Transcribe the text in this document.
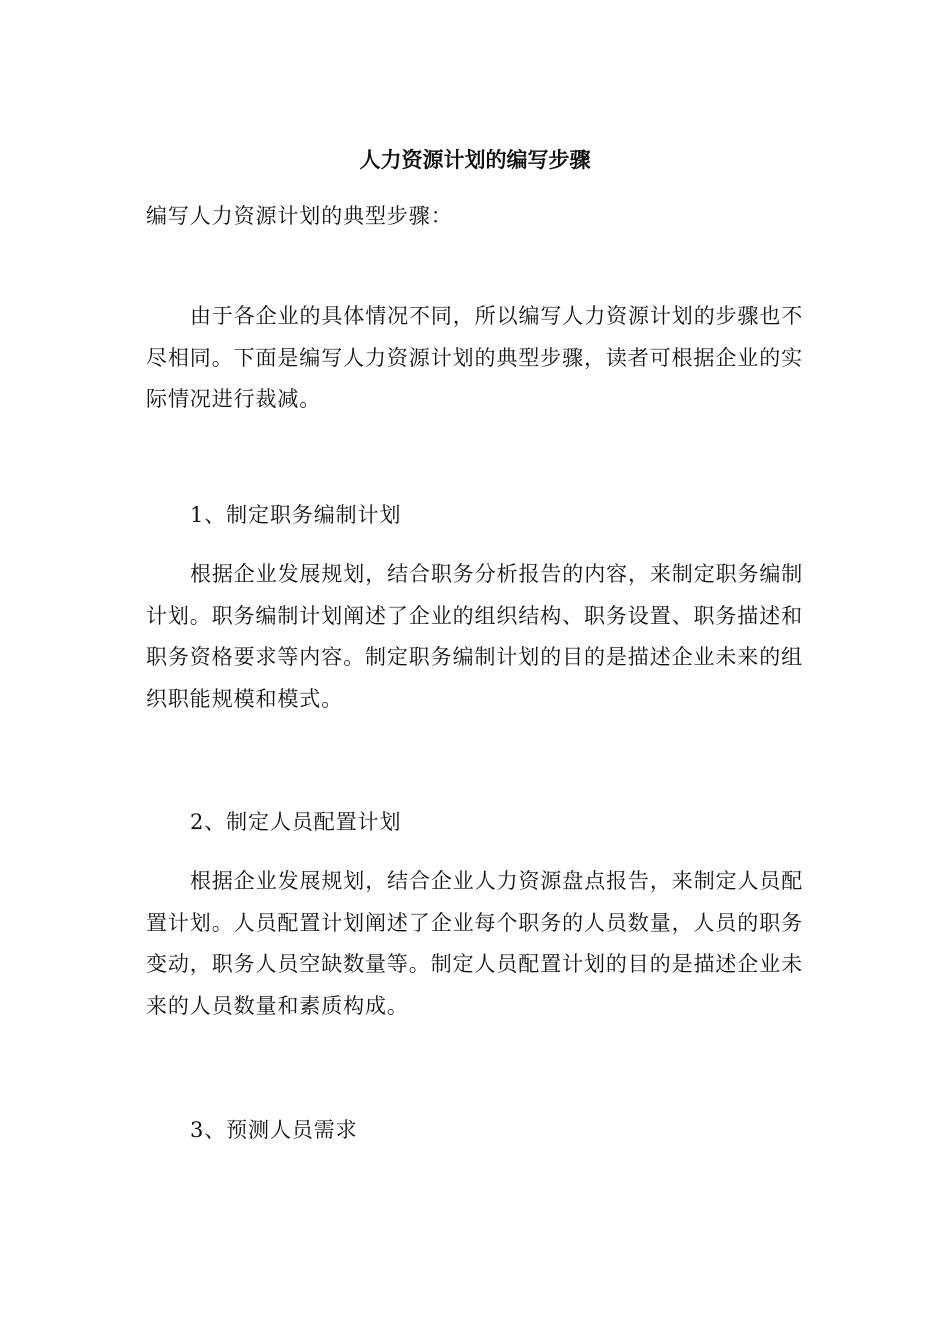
人力资源计划的编写步骤

编写人力资源计划的典型步骤：

由于各企业的具体情况不同，所以编写人力资源计划的步骤也不尽相同。下面是编写人力资源计划的典型步骤，读者可根据企业的实际情况进行裁减。

1、制定职务编制计划

根据企业发展规划，结合职务分析报告的内容，来制定职务编制计划。职务编制计划阐述了企业的组织结构、职务设置、职务描述和职务资格要求等内容。制定职务编制计划的目的是描述企业未来的组织职能规模和模式。

2、制定人员配置计划

根据企业发展规划，结合企业人力资源盘点报告，来制定人员配置计划。人员配置计划阐述了企业每个职务的人员数量，人员的职务变动，职务人员空缺数量等。制定人员配置计划的目的是描述企业未来的人员数量和素质构成。

3、预测人员需求
